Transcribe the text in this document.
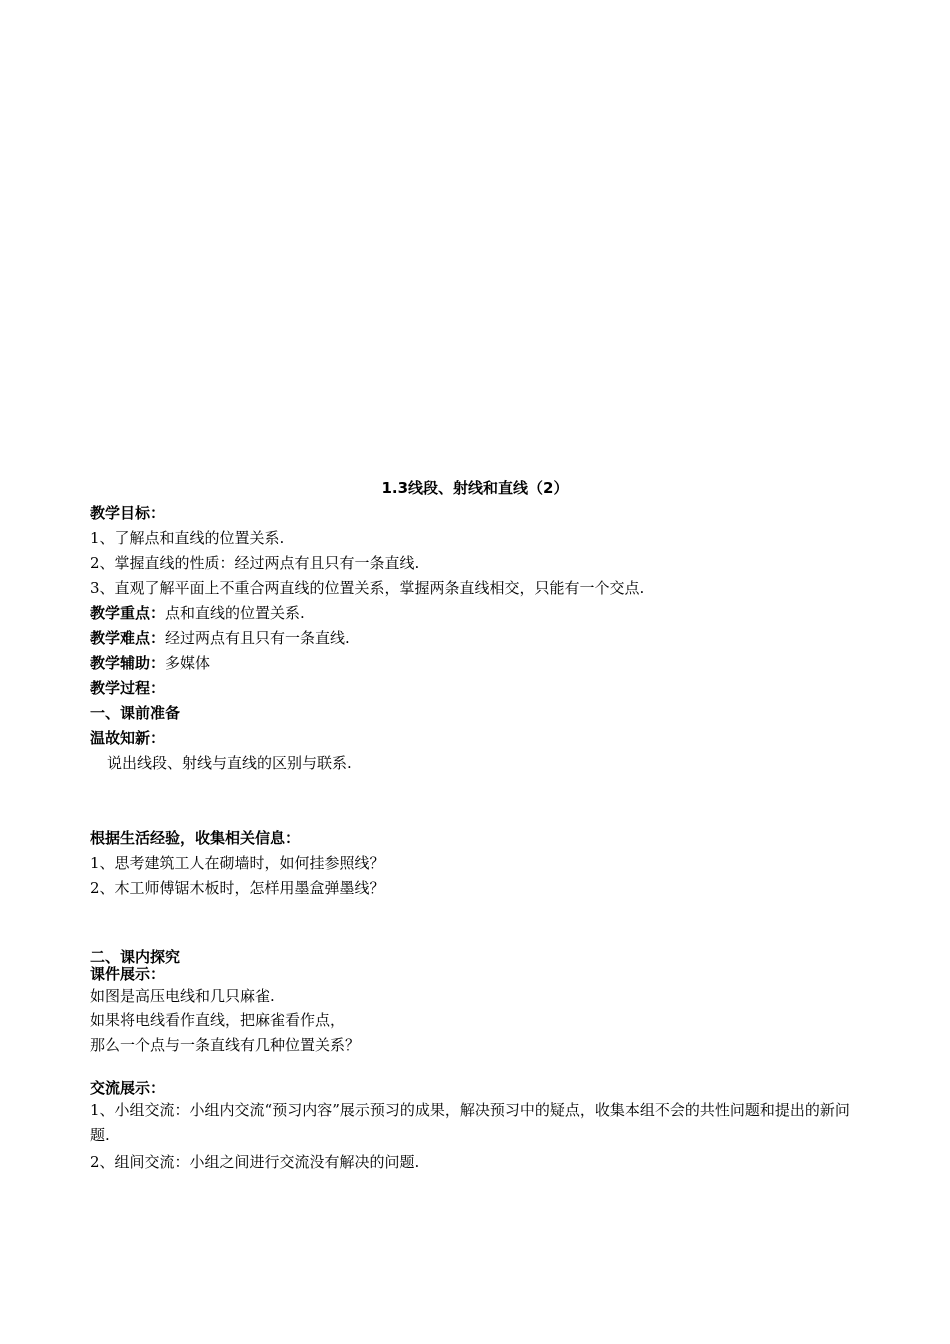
1.3线段、射线和直线（2）
教学目标：
1、了解点和直线的位置关系.
2、掌握直线的性质：经过两点有且只有一条直线.
3、直观了解平面上不重合两直线的位置关系，掌握两条直线相交，只能有一个交点.
教学重点：点和直线的位置关系.
教学难点：经过两点有且只有一条直线.
教学辅助：多媒体
教学过程：
一、课前准备
温故知新：
说出线段、射线与直线的区别与联系.
根据生活经验，收集相关信息：
1、思考建筑工人在砌墙时，如何挂参照线？
2、木工师傅锯木板时，怎样用墨盒弹墨线？
二、课内探究
课件展示：
如图是高压电线和几只麻雀.
如果将电线看作直线，把麻雀看作点，
那么一个点与一条直线有几种位置关系？
交流展示：
1、小组交流：小组内交流“预习内容”展示预习的成果，解决预习中的疑点，收集本组不会的共性问题和提出的新问题.
2、组间交流：小组之间进行交流没有解决的问题.
